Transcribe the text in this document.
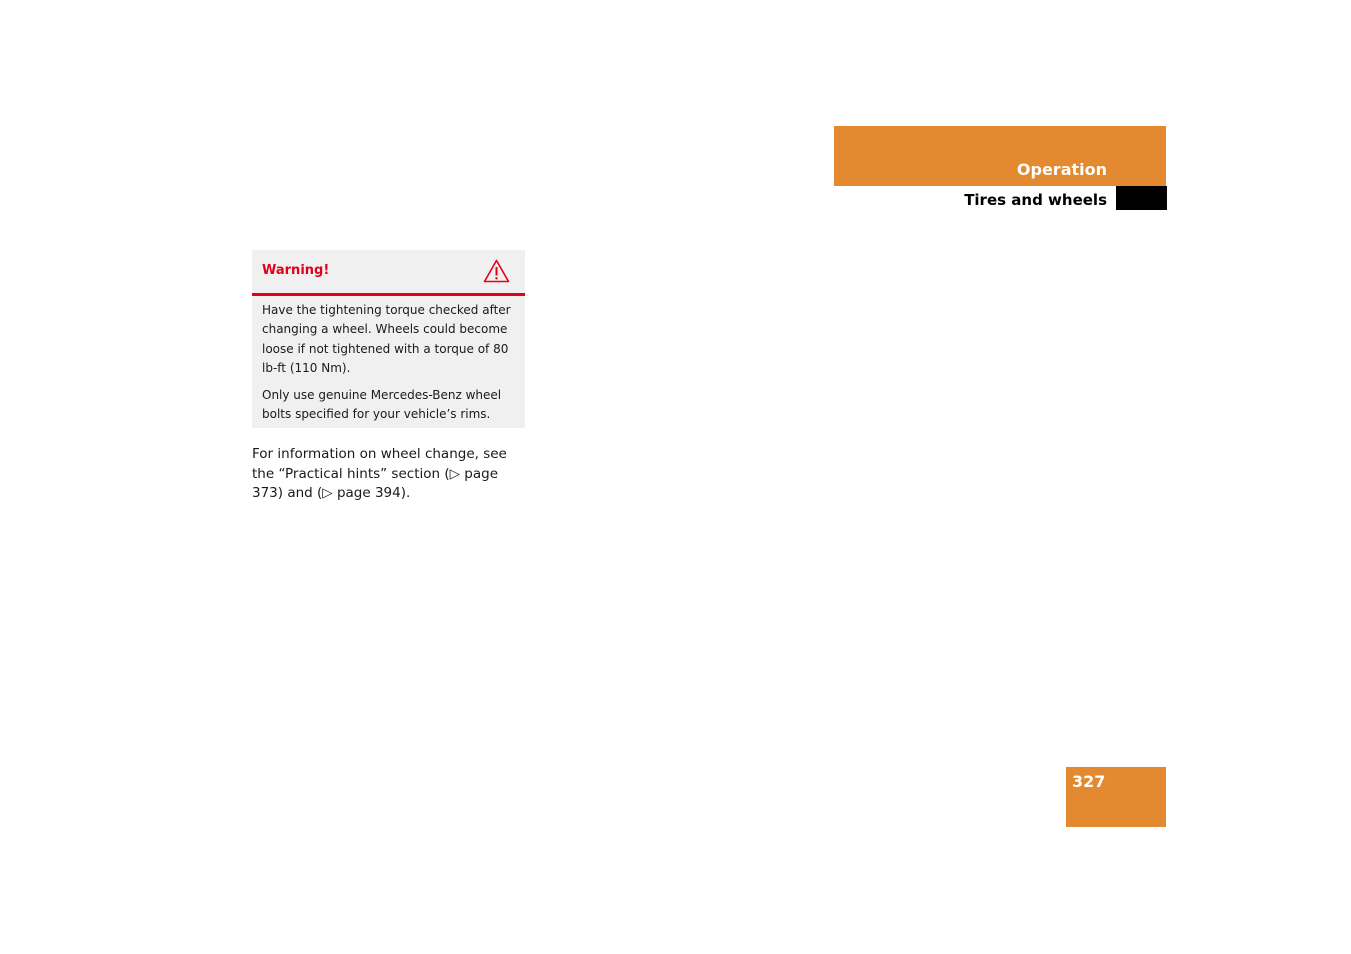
Operation
Tires and wheels
Warning!

Have the tightening torque checked after changing a wheel. Wheels could become loose if not tightened with a torque of 80 lb-ft (110 Nm).

Only use genuine Mercedes-Benz wheel bolts specified for your vehicle’s rims.

For information on wheel change, see the “Practical hints” section (▷ page 373) and (▷ page 394).

327
